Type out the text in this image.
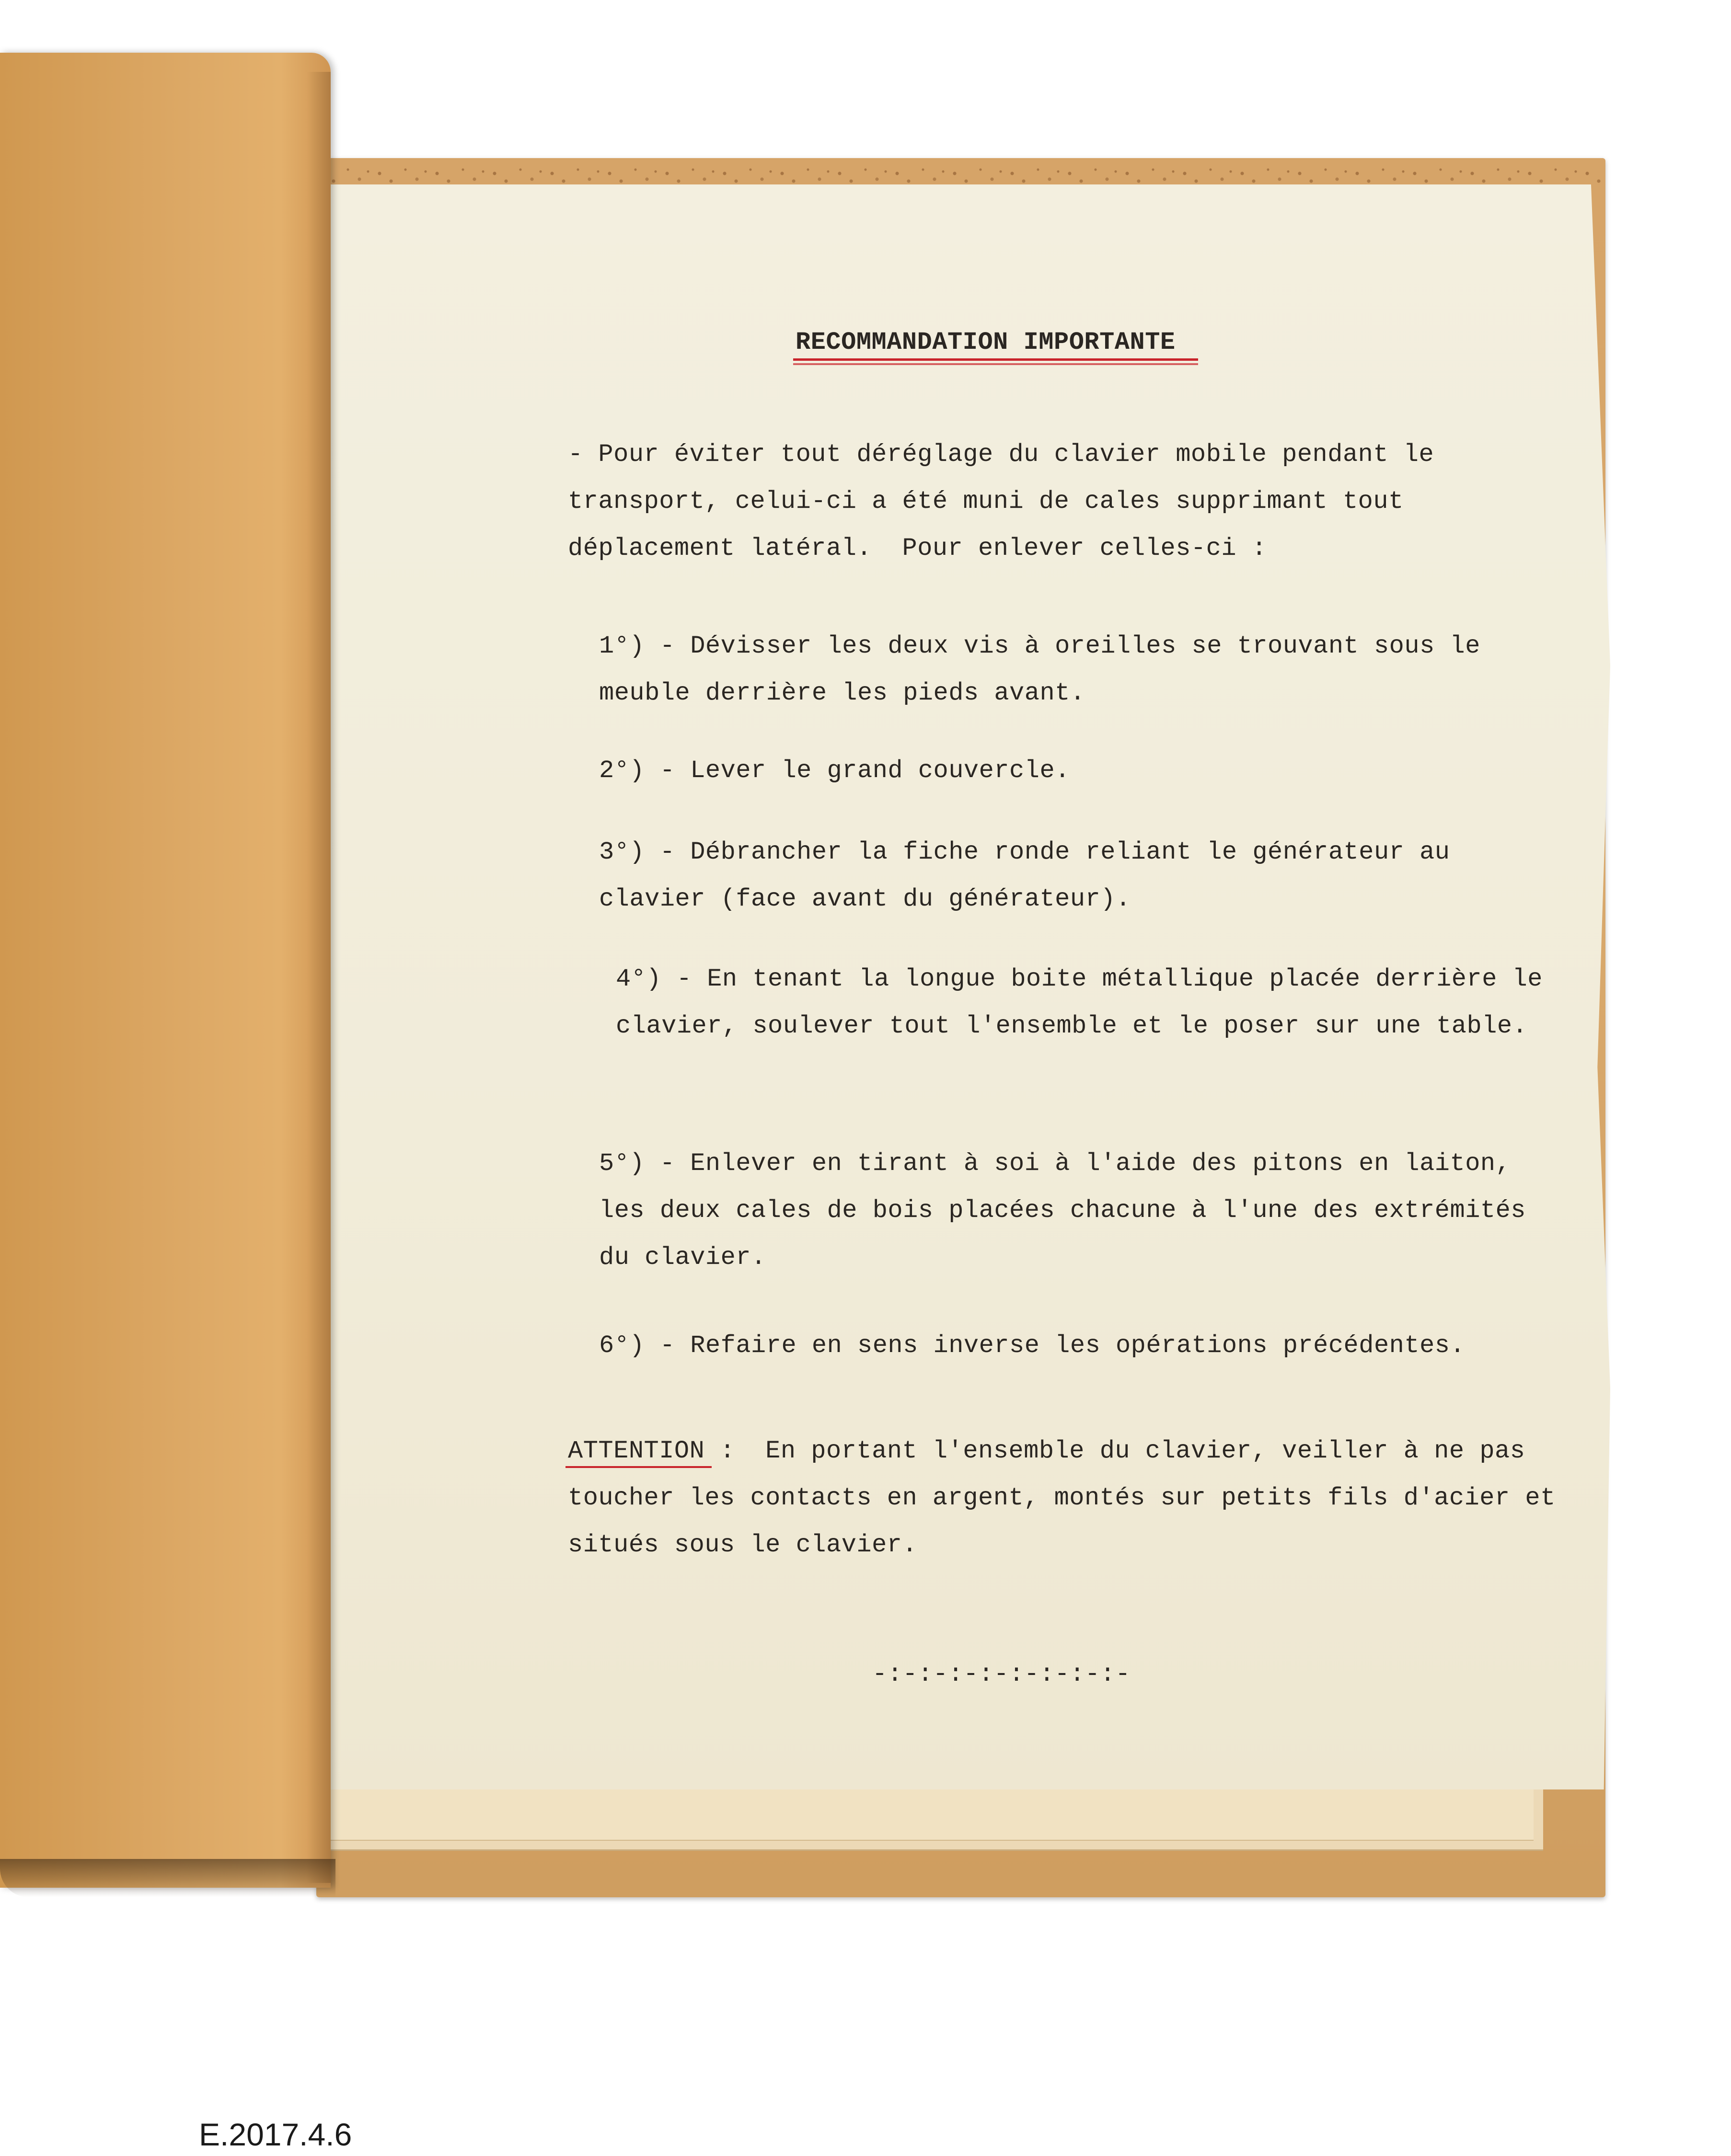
RECOMMANDATION IMPORTANTE
- Pour éviter tout déréglage du clavier mobile pendant le transport, celui-ci a été muni de cales supprimant tout déplacement latéral.  Pour enlever celles-ci :
1°) - Dévisser les deux vis à oreilles se trouvant sous le meuble derrière les pieds avant.
2°) - Lever le grand couvercle.
3°) - Débrancher la fiche ronde reliant le générateur au clavier (face avant du générateur).
4°) - En tenant la longue boite métallique placée derrière le clavier, soulever tout l'ensemble et le poser sur une table.
5°) - Enlever en tirant à soi à l'aide des pitons en laiton, les deux cales de bois placées chacune à l'une des extrémités du clavier.
6°) - Refaire en sens inverse les opérations précédentes.
ATTENTION :  En portant l'ensemble du clavier, veiller à ne pas toucher les contacts en argent, montés sur petits fils d'acier et situés sous le clavier.
-:-:-:-:-:-:-:-:-
E.2017.4.6
